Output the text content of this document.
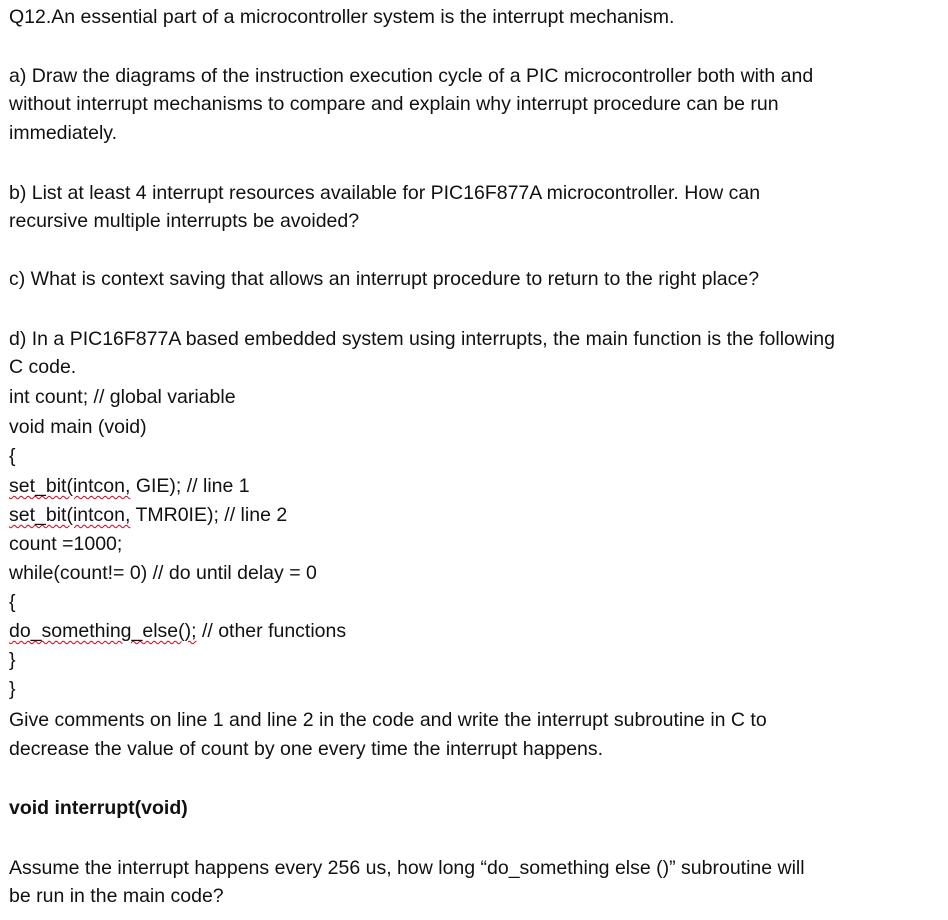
Q12.An essential part of a microcontroller system is the interrupt mechanism.
a) Draw the diagrams of the instruction execution cycle of a PIC microcontroller both with and
without interrupt mechanisms to compare and explain why interrupt procedure can be run
immediately.
b) List at least 4 interrupt resources available for PIC16F877A microcontroller. How can
recursive multiple interrupts be avoided?
c) What is context saving that allows an interrupt procedure to return to the right place?
d) In a PIC16F877A based embedded system using interrupts, the main function is the following
C code.
int count; // global variable
void main (void)
{
set_bit(intcon, GIE); // line 1
set_bit(intcon, TMR0IE); // line 2
count =1000;
while(count!= 0) // do until delay = 0
{
do_something_else(); // other functions
}
}
Give comments on line 1 and line 2 in the code and write the interrupt subroutine in C to
decrease the value of count by one every time the interrupt happens.
void interrupt(void)
Assume the interrupt happens every 256 us, how long “do_something else ()” subroutine will
be run in the main code?
